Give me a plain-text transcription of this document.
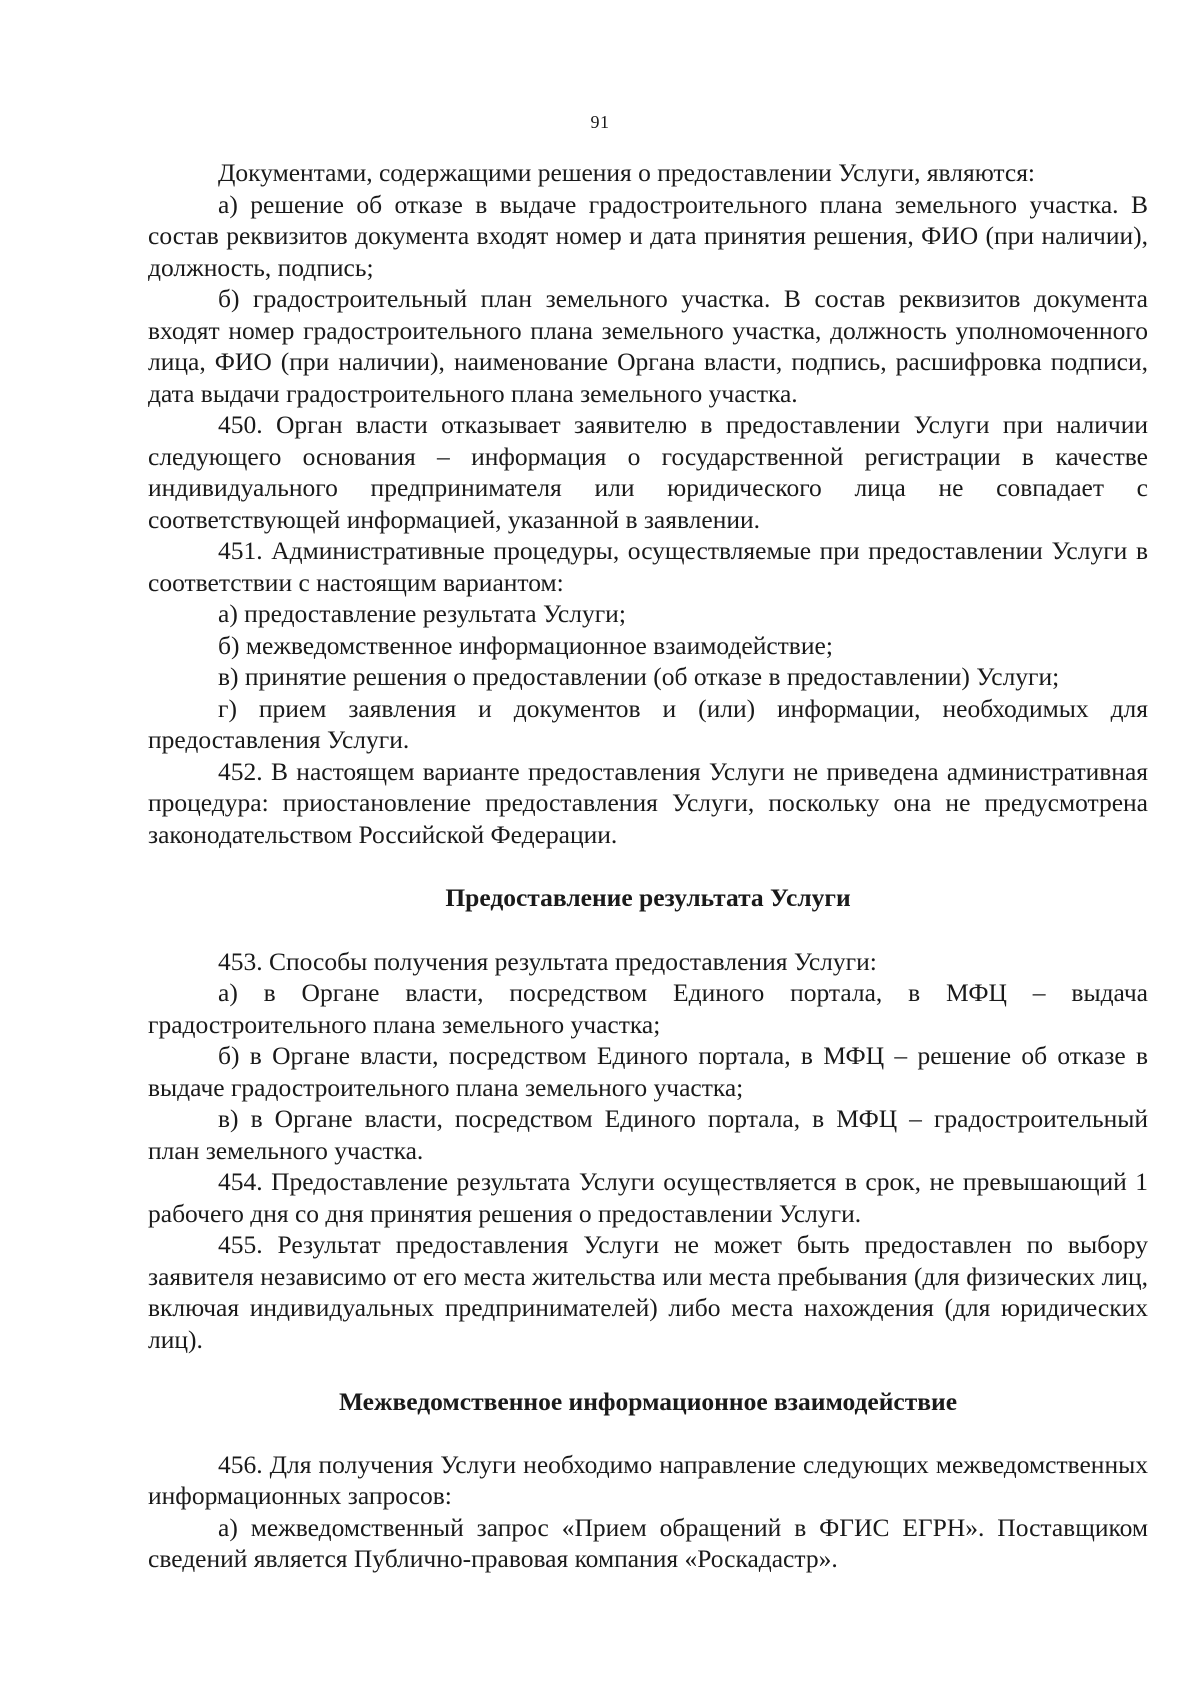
91

Документами, содержащими решения о предоставлении Услуги, являются:

а) решение об отказе в выдаче градостроительного плана земельного участка. В состав реквизитов документа входят номер и дата принятия решения, ФИО (при наличии), должность, подпись;

б) градостроительный план земельного участка. В состав реквизитов документа входят номер градостроительного плана земельного участка, должность уполномоченного лица, ФИО (при наличии), наименование Органа власти, подпись, расшифровка подписи, дата выдачи градостроительного плана земельного участка.

450. Орган власти отказывает заявителю в предоставлении Услуги при наличии следующего основания – информация о государственной регистрации в качестве индивидуального предпринимателя или юридического лица не совпадает с соответствующей информацией, указанной в заявлении.

451. Административные процедуры, осуществляемые при предоставлении Услуги в соответствии с настоящим вариантом:

а) предоставление результата Услуги;

б) межведомственное информационное взаимодействие;

в) принятие решения о предоставлении (об отказе в предоставлении) Услуги;

г) прием заявления и документов и (или) информации, необходимых для предоставления Услуги.

452. В настоящем варианте предоставления Услуги не приведена административная процедура: приостановление предоставления Услуги, поскольку она не предусмотрена законодательством Российской Федерации.

Предоставление результата Услуги

453. Способы получения результата предоставления Услуги:

а) в Органе власти, посредством Единого портала, в МФЦ – выдача градостроительного плана земельного участка;

б) в Органе власти, посредством Единого портала, в МФЦ – решение об отказе в выдаче градостроительного плана земельного участка;

в) в Органе власти, посредством Единого портала, в МФЦ – градостроительный план земельного участка.

454. Предоставление результата Услуги осуществляется в срок, не превышающий 1 рабочего дня со дня принятия решения о предоставлении Услуги.

455. Результат предоставления Услуги не может быть предоставлен по выбору заявителя независимо от его места жительства или места пребывания (для физических лиц, включая индивидуальных предпринимателей) либо места нахождения (для юридических лиц).

Межведомственное информационное взаимодействие

456. Для получения Услуги необходимо направление следующих межведомственных информационных запросов:

а) межведомственный запрос «Прием обращений в ФГИС ЕГРН». Поставщиком сведений является Публично-правовая компания «Роскадастр».
